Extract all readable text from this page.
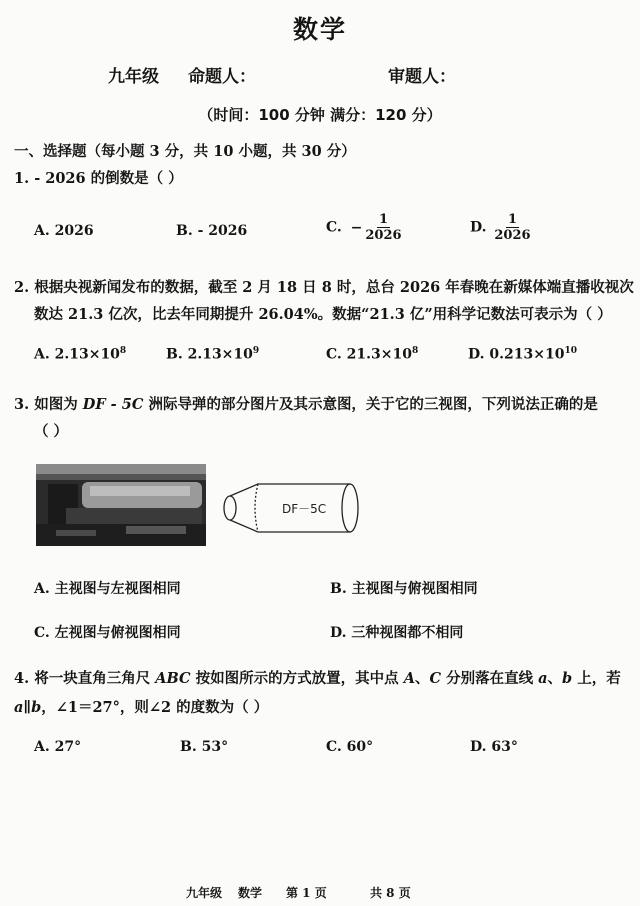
数学
九年级 命题人：	审题人：
（时间：100 分钟 满分：120 分）
一、选择题（每小题 3 分，共 10 小题，共 30 分）
1. - 2026 的倒数是（ ）
A. 2026	B. - 2026	C. − $\frac{1}{2026}$	D. $\frac{1}{2026}$
2. 根据央视新闻发布的数据，截至 2 月 18 日 8 时，总台 2026 年春晚在新媒体端直播收视次
数达 21.3 亿次，比去年同期提升 26.04%。数据“21.3 亿”用科学记数法可表示为（ ）
A. $2.13\times 10^8$	B. $2.13\times 10^9$	C. $21.3\times 10^8$	D. $0.213\times 10^{10}$
3. 如图为 DF - 5C 洲际导弹的部分图片及其示意图，关于它的三视图，下列说法正确的是
（ ）
DF－5C
A. 主视图与左视图相同	B. 主视图与俯视图相同
C. 左视图与俯视图相同	D. 三种视图都不相同
4. 将一块直角三角尺 ABC 按如图所示的方式放置，其中点 A、C 分别落在直线 a、b 上，若
a∥b，∠1＝27°，则∠2 的度数为（ ）
A. 27°	B. 53°	C. 60°	D. 63°
九年级 数学 第 1 页	共 8 页
